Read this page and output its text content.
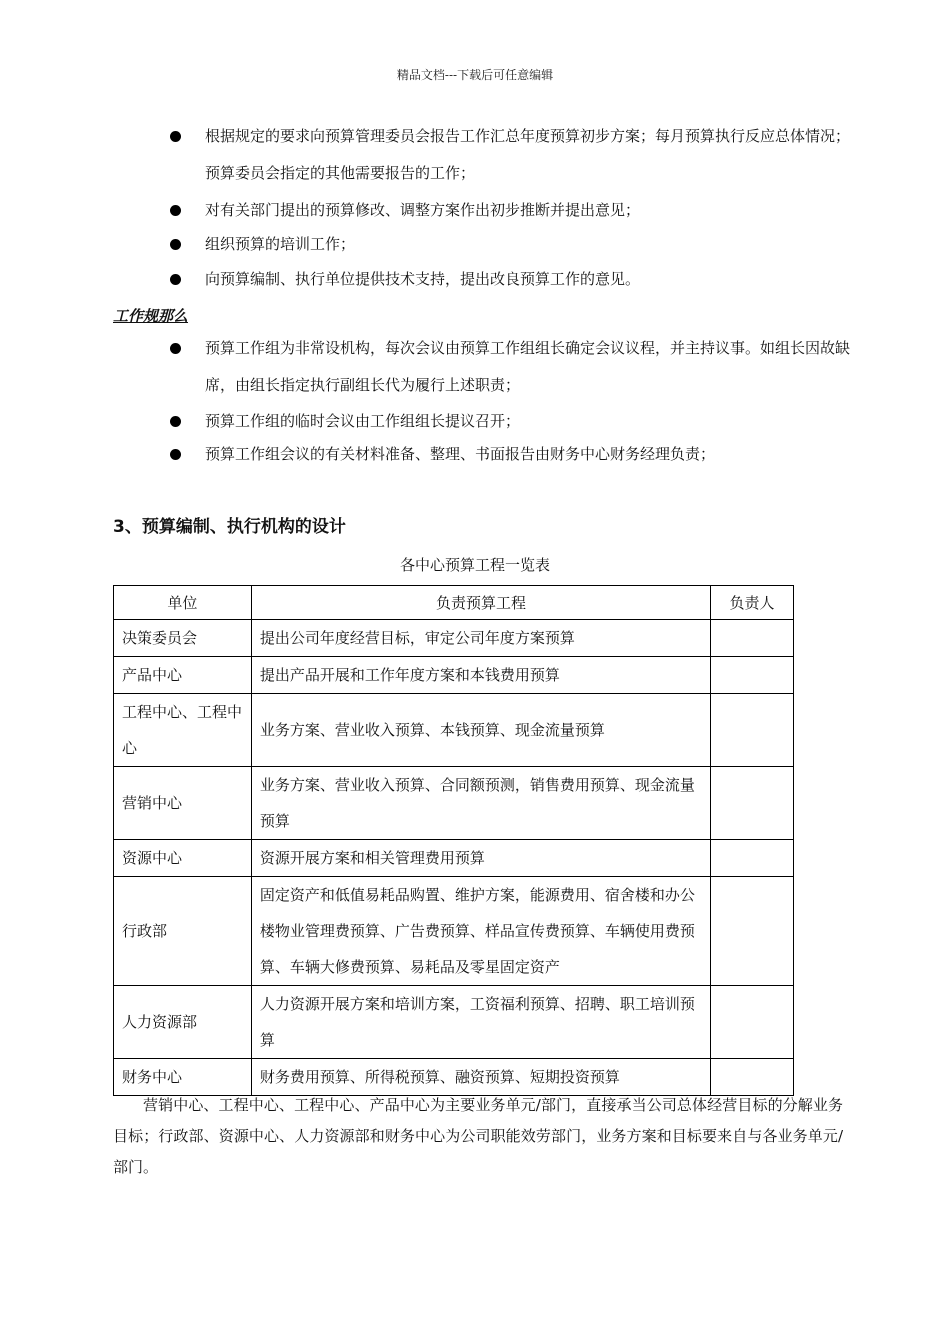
精品文档---下载后可任意编辑
根据规定的要求向预算管理委员会报告工作汇总年度预算初步方案；每月预算执行反应总体情况；预算委员会指定的其他需要报告的工作；
对有关部门提出的预算修改、调整方案作出初步推断并提出意见；
组织预算的培训工作；
向预算编制、执行单位提供技术支持，提出改良预算工作的意见。
工作规那么
预算工作组为非常设机构，每次会议由预算工作组组长确定会议议程，并主持议事。如组长因故缺席，由组长指定执行副组长代为履行上述职责；
预算工作组的临时会议由工作组组长提议召开；
预算工作组会议的有关材料准备、整理、书面报告由财务中心财务经理负责；
3、预算编制、执行机构的设计
各中心预算工程一览表
单位	负责预算工程	负责人
决策委员会	提出公司年度经营目标，审定公司年度方案预算	
产品中心	提出产品开展和工作年度方案和本钱费用预算	
工程中心、工程中心	业务方案、营业收入预算、本钱预算、现金流量预算	
营销中心	业务方案、营业收入预算、合同额预测，销售费用预算、现金流量预算	
资源中心	资源开展方案和相关管理费用预算	
行政部	固定资产和低值易耗品购置、维护方案，能源费用、宿舍楼和办公楼物业管理费预算、广告费预算、样品宣传费预算、车辆使用费预算、车辆大修费预算、易耗品及零星固定资产	
人力资源部	人力资源开展方案和培训方案，工资福利预算、招聘、职工培训预算	
财务中心	财务费用预算、所得税预算、融资预算、短期投资预算	
营销中心、工程中心、工程中心、产品中心为主要业务单元/部门，直接承当公司总体经营目标的分解业务目标；行政部、资源中心、人力资源部和财务中心为公司职能效劳部门，业务方案和目标要来自与各业务单元/部门。
